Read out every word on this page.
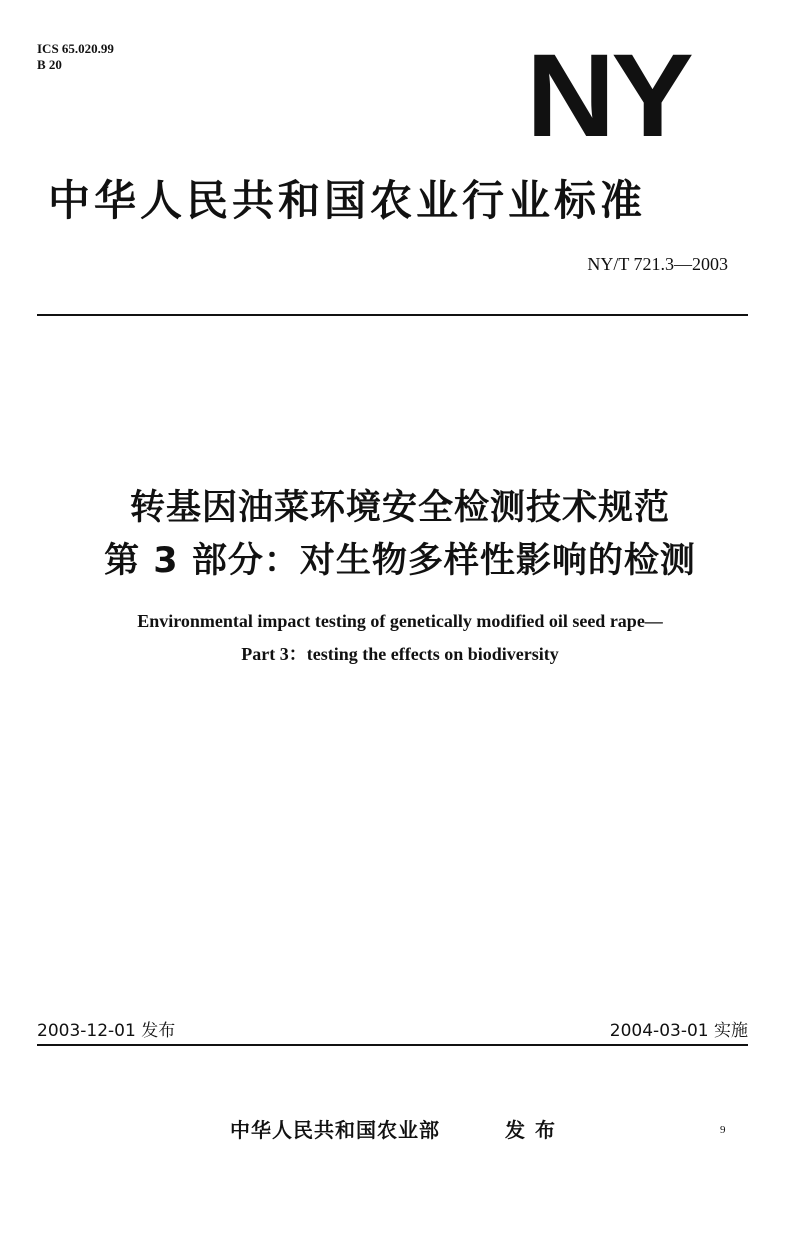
ICS 65.020.99
B 20	NY
中华人民共和国农业行业标准
NY/T 721.3—2003
转基因油菜环境安全检测技术规范
第 3 部分：对生物多样性影响的检测
Environmental impact testing of genetically modified oil seed rape—
Part 3：testing the effects on biodiversity
2003-12-01 发布	2004-03-01 实施
中华人民共和国农业部	发布	9
